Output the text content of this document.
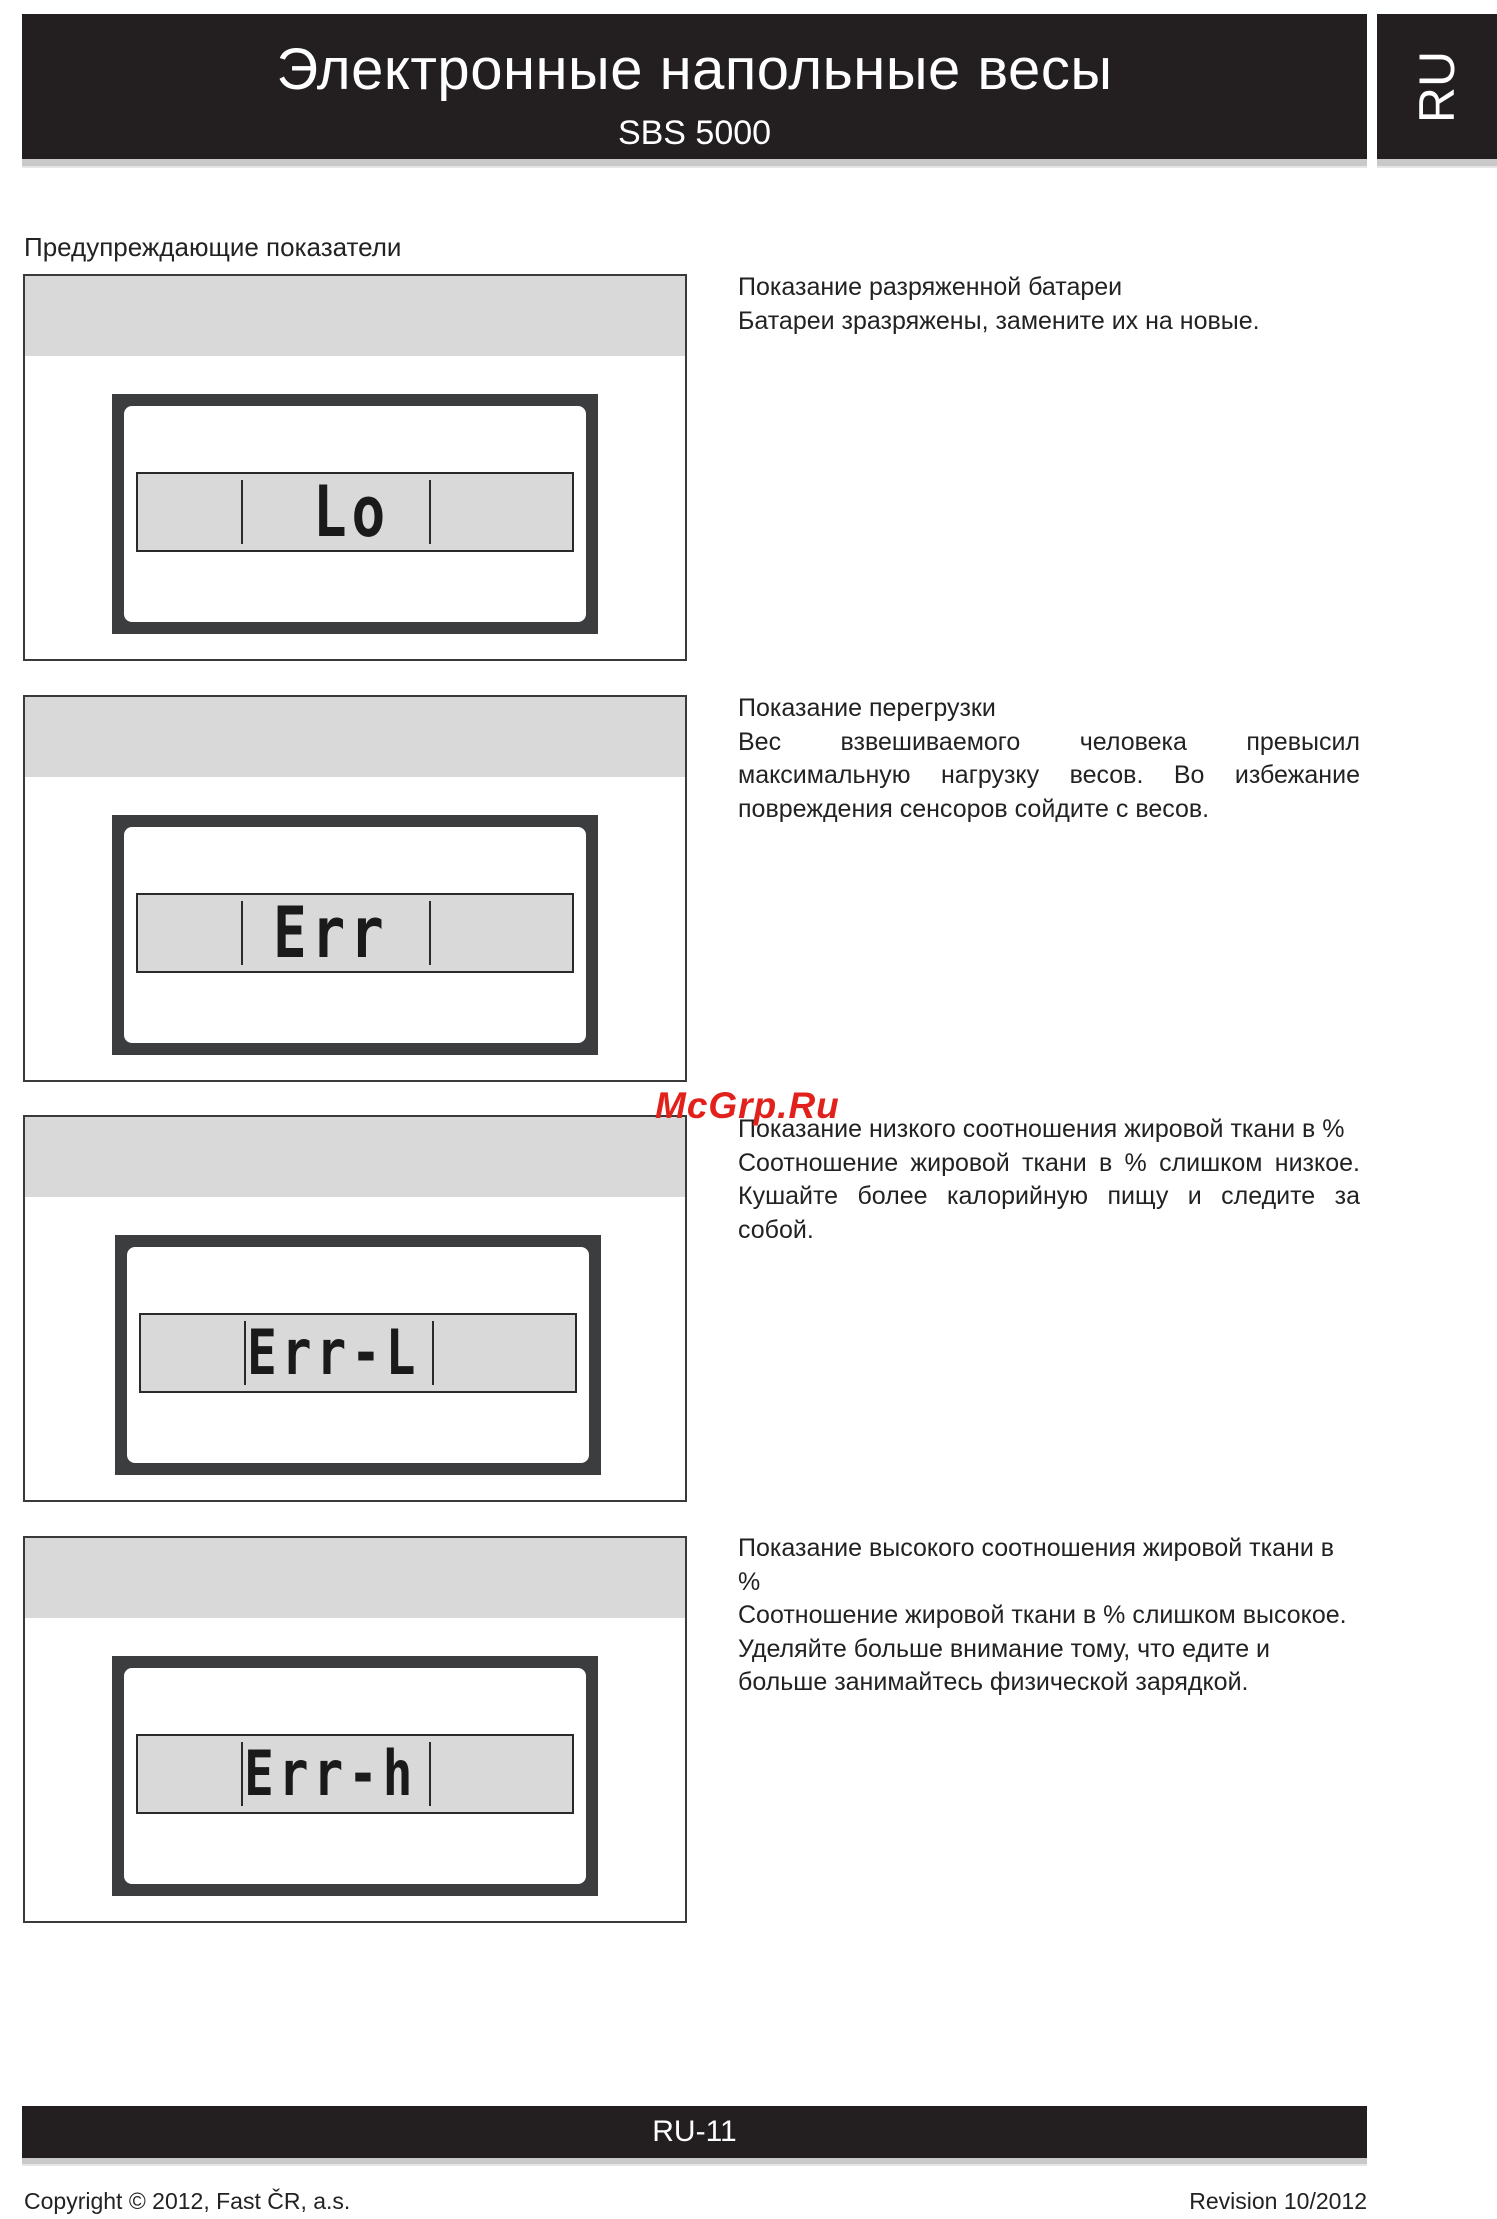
Электронные напольные весы
SBS 5000
RU
Предупреждающие показатели
Lo
Показание разряженной батареи
Батареи зразряжены, замените их на новые.
Err
Показание перегрузки
Вес взвешиваемого человека превысил максимальную нагрузку весов. Во избежание повреждения сенсоров сойдите с весов.
Err-L
Показание низкого соотношения жировой ткани в %
Соотношение жировой ткани в % слишком низкое. Кушайте более калорийную пищу и следите за собой.
Err-h
Показание высокого соотношения жировой ткани в %
Соотношение жировой ткани в % слишком высокое. Уделяйте больше внимание тому, что едите и больше занимайтесь физической зарядкой.
McGrp.Ru
RU-11
Copyright © 2012, Fast ČR, a.s.	Revision 10/2012
